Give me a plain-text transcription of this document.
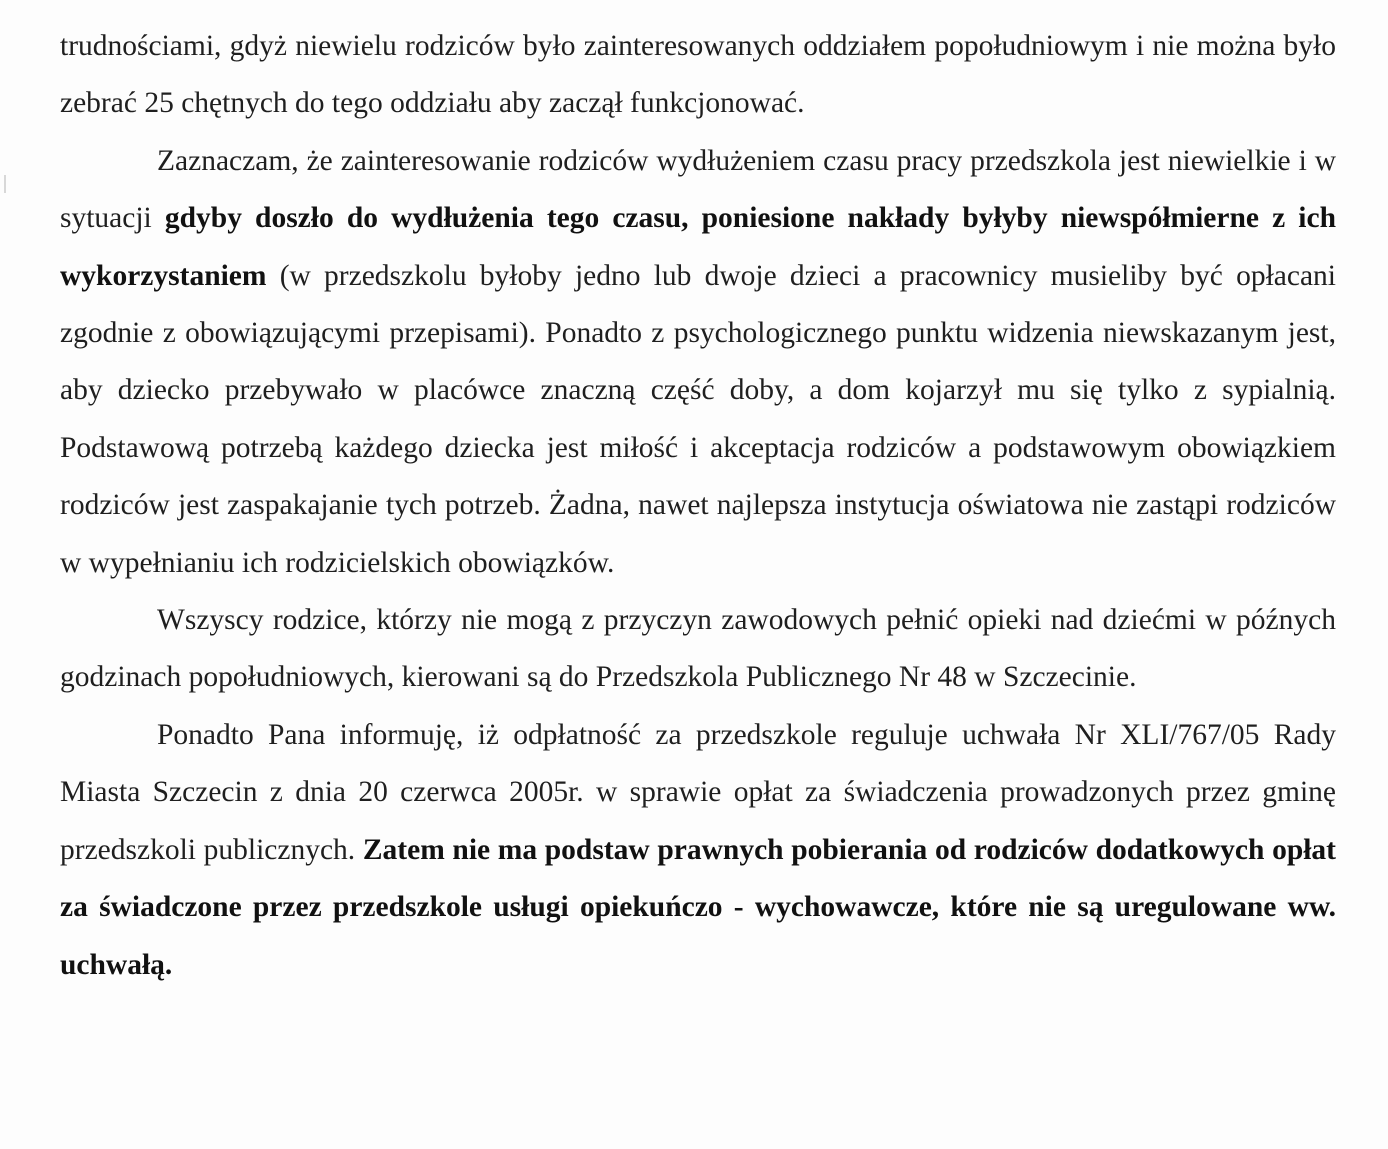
trudnościami, gdyż niewielu rodziców było zainteresowanych oddziałem popołudniowym i nie można było zebrać 25 chętnych do tego oddziału aby zaczął funkcjonować.

Zaznaczam, że zainteresowanie rodziców wydłużeniem czasu pracy przedszkola jest niewielkie i w sytuacji gdyby doszło do wydłużenia tego czasu, poniesione nakłady byłyby niewspółmierne z ich wykorzystaniem (w przedszkolu byłoby jedno lub dwoje dzieci a pracownicy musieliby być opłacani zgodnie z obowiązującymi przepisami). Ponadto z psychologicznego punktu widzenia niewskazanym jest, aby dziecko przebywało w placówce znaczną część doby, a dom kojarzył mu się tylko z sypialnią. Podstawową potrzebą każdego dziecka jest miłość i akceptacja rodziców a podstawowym obowiązkiem rodziców jest zaspakajanie tych potrzeb. Żadna, nawet najlepsza instytucja oświatowa nie zastąpi rodziców w wypełnianiu ich rodzicielskich obowiązków.

Wszyscy rodzice, którzy nie mogą z przyczyn zawodowych pełnić opieki nad dziećmi w późnych godzinach popołudniowych, kierowani są do Przedszkola Publicznego Nr 48 w Szczecinie.

Ponadto Pana informuję, iż odpłatność za przedszkole reguluje uchwała Nr XLI/767/05 Rady Miasta Szczecin z dnia 20 czerwca 2005r. w sprawie opłat za świadczenia prowadzonych przez gminę przedszkoli publicznych. Zatem nie ma podstaw prawnych pobierania od rodziców dodatkowych opłat za świadczone przez przedszkole usługi opiekuńczo - wychowawcze, które nie są uregulowane ww. uchwałą.
